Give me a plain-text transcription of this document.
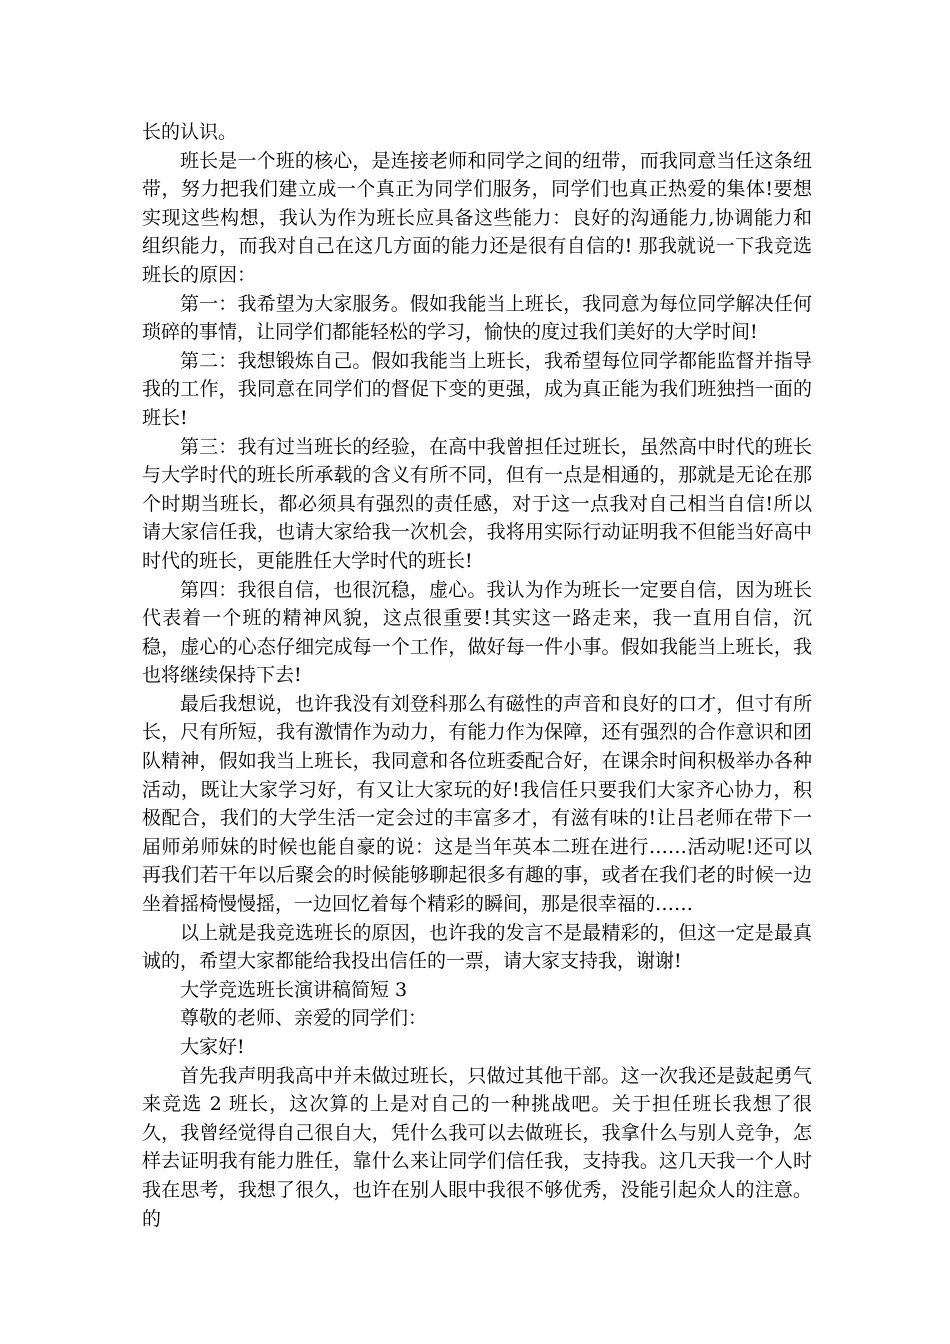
长的认识。

班长是一个班的核心，是连接老师和同学之间的纽带，而我同意当任这条纽带，努力把我们建立成一个真正为同学们服务，同学们也真正热爱的集体!要想实现这些构想，我认为作为班长应具备这些能力：良好的沟通能力,协调能力和组织能力，而我对自己在这几方面的能力还是很有自信的! 那我就说一下我竞选班长的原因：

第一：我希望为大家服务。假如我能当上班长，我同意为每位同学解决任何琐碎的事情，让同学们都能轻松的学习，愉快的度过我们美好的大学时间!

第二：我想锻炼自己。假如我能当上班长，我希望每位同学都能监督并指导我的工作，我同意在同学们的督促下变的更强，成为真正能为我们班独挡一面的班长!

第三：我有过当班长的经验，在高中我曾担任过班长，虽然高中时代的班长与大学时代的班长所承载的含义有所不同，但有一点是相通的，那就是无论在那个时期当班长，都必须具有强烈的责任感，对于这一点我对自己相当自信!所以请大家信任我，也请大家给我一次机会，我将用实际行动证明我不但能当好高中时代的班长，更能胜任大学时代的班长!

第四：我很自信，也很沉稳，虚心。我认为作为班长一定要自信，因为班长代表着一个班的精神风貌，这点很重要!其实这一路走来，我一直用自信，沉稳，虚心的心态仔细完成每一个工作，做好每一件小事。假如我能当上班长，我也将继续保持下去!

最后我想说，也许我没有刘登科那么有磁性的声音和良好的口才，但寸有所长，尺有所短，我有激情作为动力，有能力作为保障，还有强烈的合作意识和团队精神，假如我当上班长，我同意和各位班委配合好，在课余时间积极举办各种活动，既让大家学习好，有又让大家玩的好!我信任只要我们大家齐心协力，积极配合，我们的大学生活一定会过的丰富多才，有滋有味的!让吕老师在带下一届师弟师妹的时候也能自豪的说：这是当年英本二班在进行……活动呢!还可以再我们若干年以后聚会的时候能够聊起很多有趣的事，或者在我们老的时候一边坐着摇椅慢慢摇，一边回忆着每个精彩的瞬间，那是很幸福的……

以上就是我竞选班长的原因，也许我的发言不是最精彩的，但这一定是最真诚的，希望大家都能给我投出信任的一票，请大家支持我，谢谢!

大学竞选班长演讲稿简短 3

尊敬的老师、亲爱的同学们：

大家好!

首先我声明我高中并未做过班长，只做过其他干部。这一次我还是鼓起勇气来竞选 2 班长，这次算的上是对自己的一种挑战吧。关于担任班长我想了很久，我曾经觉得自己很自大，凭什么我可以去做班长，我拿什么与别人竞争，怎样去证明我有能力胜任，靠什么来让同学们信任我，支持我。这几天我一个人时我在思考，我想了很久，也许在别人眼中我很不够优秀，没能引起众人的注意。的
